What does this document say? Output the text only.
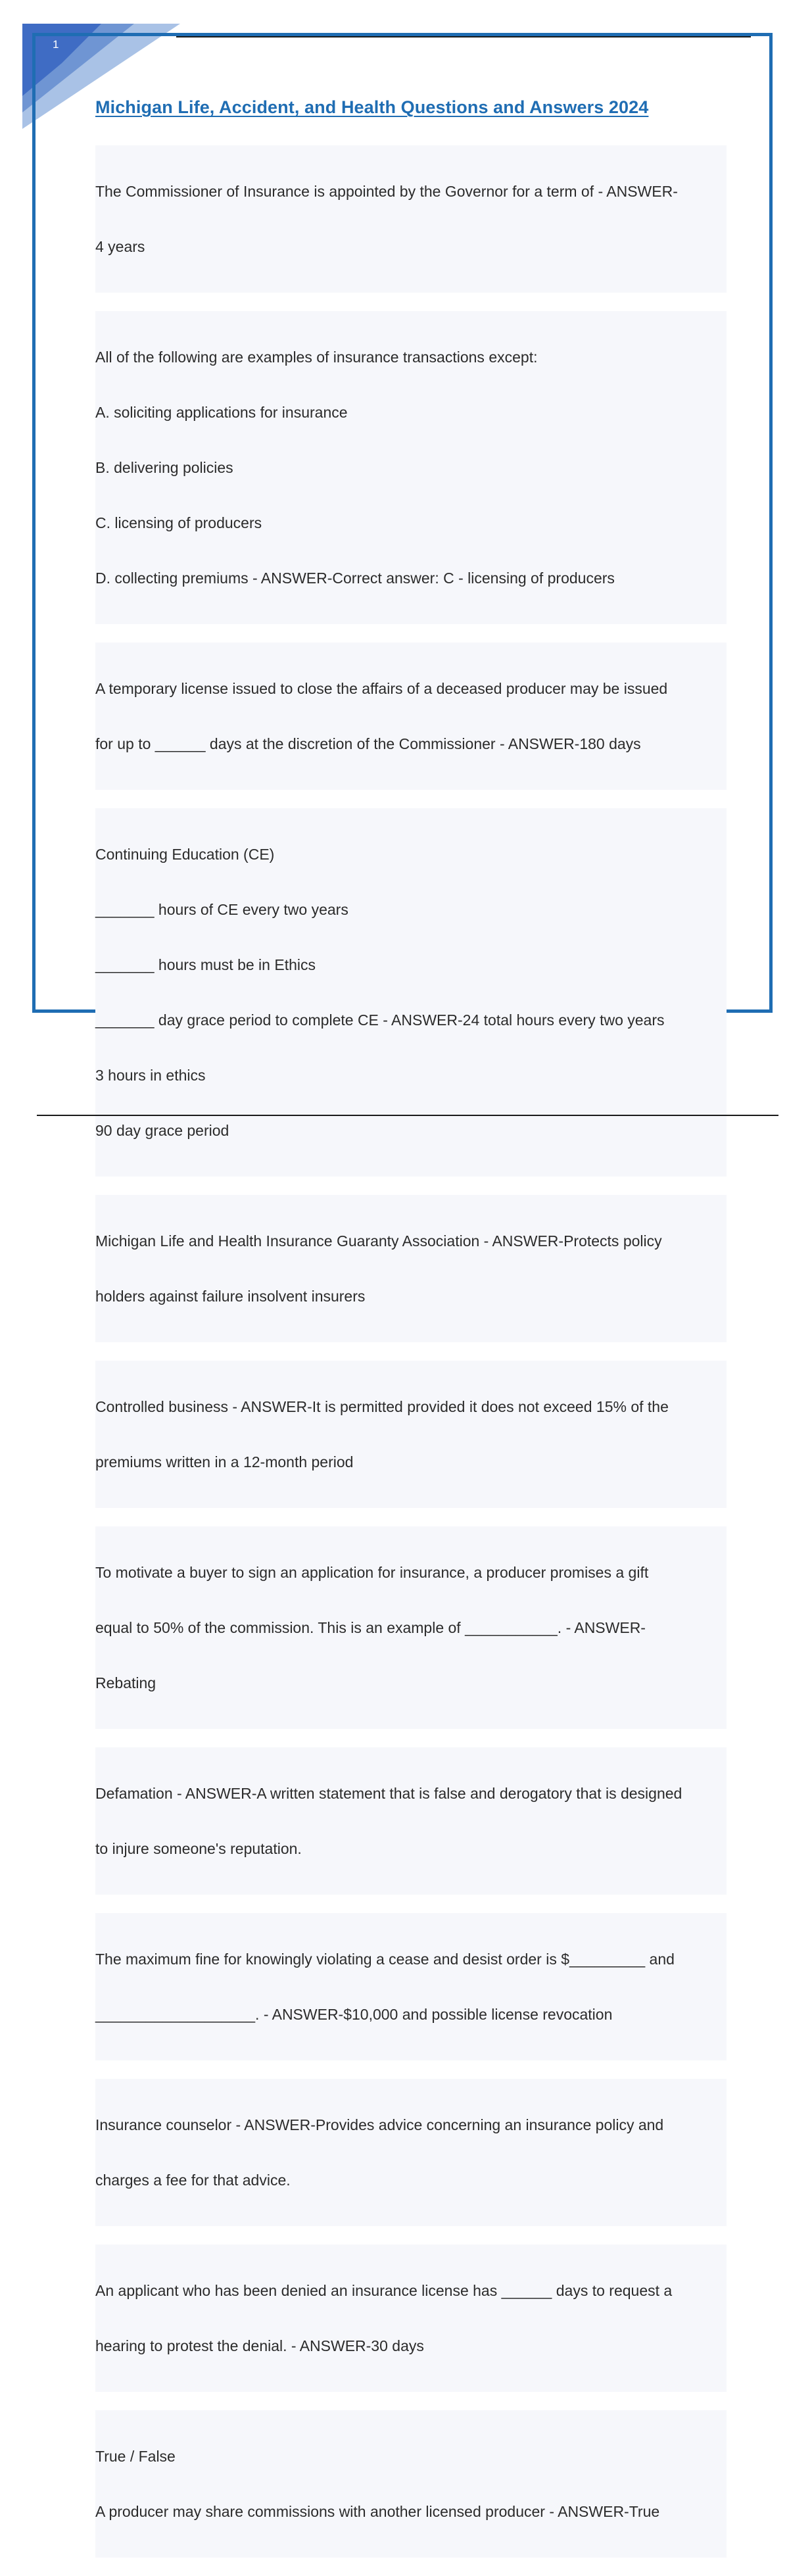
1
Michigan Life, Accident, and Health Questions and Answers 2024

The Commissioner of Insurance is appointed by the Governor for a term of - ANSWER-

4 years

All of the following are examples of insurance transactions except:

A. soliciting applications for insurance

B. delivering policies

C. licensing of producers

D. collecting premiums - ANSWER-Correct answer: C - licensing of producers

A temporary license issued to close the affairs of a deceased producer may be issued

for up to ______ days at the discretion of the Commissioner - ANSWER-180 days

Continuing Education (CE)

_______ hours of CE every two years

_______ hours must be in Ethics

_______ day grace period to complete CE - ANSWER-24 total hours every two years

3 hours in ethics

90 day grace period

Michigan Life and Health Insurance Guaranty Association - ANSWER-Protects policy

holders against failure insolvent insurers

Controlled business - ANSWER-It is permitted provided it does not exceed 15% of the

premiums written in a 12-month period

To motivate a buyer to sign an application for insurance, a producer promises a gift

equal to 50% of the commission. This is an example of ___________. - ANSWER-

Rebating

Defamation - ANSWER-A written statement that is false and derogatory that is designed

to injure someone's reputation.

The maximum fine for knowingly violating a cease and desist order is $_________ and

___________________. - ANSWER-$10,000 and possible license revocation

Insurance counselor - ANSWER-Provides advice concerning an insurance policy and

charges a fee for that advice.

An applicant who has been denied an insurance license has ______ days to request a

hearing to protest the denial. - ANSWER-30 days

True / False

A producer may share commissions with another licensed producer - ANSWER-True
